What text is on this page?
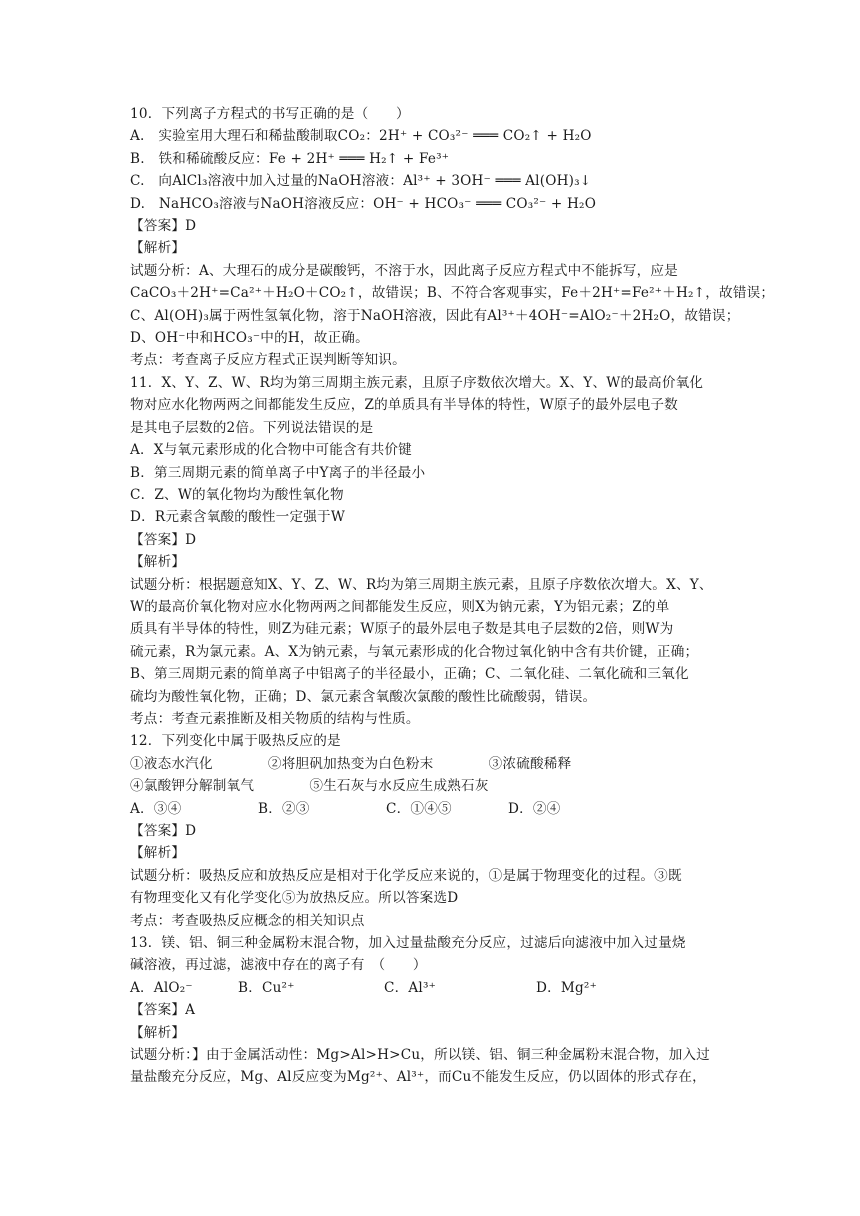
10．下列离子方程式的书写正确的是（　　）
A.　实验室用大理石和稀盐酸制取CO₂：2H⁺ + CO₃²⁻ ═══ CO₂↑ + H₂O
B.　铁和稀硫酸反应：Fe + 2H⁺ ═══ H₂↑ + Fe³⁺
C.　向AlCl₃溶液中加入过量的NaOH溶液：Al³⁺ + 3OH⁻ ═══ Al(OH)₃↓
D.　NaHCO₃溶液与NaOH溶液反应：OH⁻ + HCO₃⁻ ═══ CO₃²⁻ + H₂O
【答案】D
【解析】
试题分析：A、大理石的成分是碳酸钙，不溶于水，因此离子反应方程式中不能拆写，应是
CaCO₃＋2H⁺=Ca²⁺＋H₂O＋CO₂↑，故错误；B、不符合客观事实，Fe＋2H⁺=Fe²⁺＋H₂↑，故错误；
C、Al(OH)₃属于两性氢氧化物，溶于NaOH溶液，因此有Al³⁺＋4OH⁻=AlO₂⁻＋2H₂O，故错误；
D、OH⁻中和HCO₃⁻中的H，故正确。
考点：考查离子反应方程式正误判断等知识。
11．X、Y、Z、W、R均为第三周期主族元素，且原子序数依次增大。X、Y、W的最高价氧化
物对应水化物两两之间都能发生反应，Z的单质具有半导体的特性，W原子的最外层电子数
是其电子层数的2倍。下列说法错误的是
A．X与氧元素形成的化合物中可能含有共价键
B．第三周期元素的简单离子中Y离子的半径最小
C．Z、W的氧化物均为酸性氧化物
D．R元素含氧酸的酸性一定强于W
【答案】D
【解析】
试题分析：根据题意知X、Y、Z、W、R均为第三周期主族元素，且原子序数依次增大。X、Y、
W的最高价氧化物对应水化物两两之间都能发生反应，则X为钠元素，Y为铝元素；Z的单
质具有半导体的特性，则Z为硅元素；W原子的最外层电子数是其电子层数的2倍，则W为
硫元素，R为氯元素。A、X为钠元素，与氧元素形成的化合物过氧化钠中含有共价键，正确；
B、第三周期元素的简单离子中铝离子的半径最小，正确；C、二氧化硅、二氧化硫和三氧化
硫均为酸性氧化物，正确；D、氯元素含氧酸次氯酸的酸性比硫酸弱，错误。
考点：考查元素推断及相关物质的结构与性质。
12．下列变化中属于吸热反应的是
①液态水汽化　　　　②将胆矾加热变为白色粉末　　　　③浓硫酸稀释
④氯酸钾分解制氧气　　　　⑤生石灰与水反应生成熟石灰
A．③④	B．②③	C．①④⑤	D．②④
【答案】D
【解析】
试题分析：吸热反应和放热反应是相对于化学反应来说的，①是属于物理变化的过程。③既
有物理变化又有化学变化⑤为放热反应。所以答案选D
考点：考查吸热反应概念的相关知识点
13．镁、铝、铜三种金属粉末混合物，加入过量盐酸充分反应，过滤后向滤液中加入过量烧
碱溶液，再过滤，滤液中存在的离子有　（　　）
A．AlO₂⁻	B．Cu²⁺	C．Al³⁺	D．Mg²⁺
【答案】A
【解析】
试题分析：】由于金属活动性：Mg>Al>H>Cu，所以镁、铝、铜三种金属粉末混合物，加入过
量盐酸充分反应，Mg、Al反应变为Mg²⁺、Al³⁺，而Cu不能发生反应，仍以固体的形式存在，
